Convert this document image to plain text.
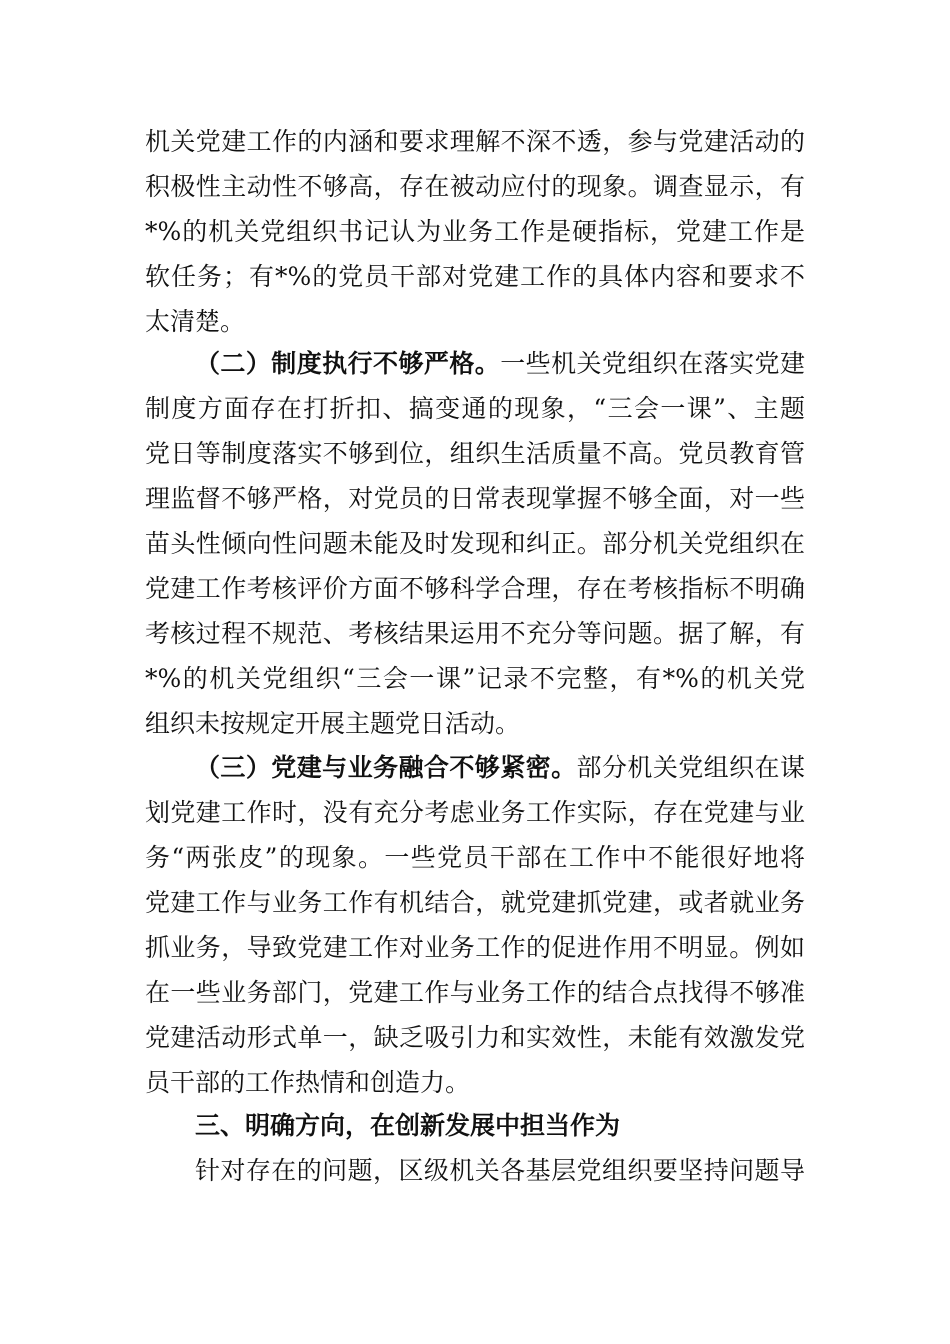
机关党建工作的内涵和要求理解不深不透，参与党建活动的
积极性主动性不够高，存在被动应付的现象。调查显示，有
*%的机关党组织书记认为业务工作是硬指标，党建工作是
软任务；有*%的党员干部对党建工作的具体内容和要求不
太清楚。
（二）制度执行不够严格。一些机关党组织在落实党建
制度方面存在打折扣、搞变通的现象，“三会一课”、主题
党日等制度落实不够到位，组织生活质量不高。党员教育管
理监督不够严格，对党员的日常表现掌握不够全面，对一些
苗头性倾向性问题未能及时发现和纠正。部分机关党组织在
党建工作考核评价方面不够科学合理，存在考核指标不明确
考核过程不规范、考核结果运用不充分等问题。据了解，有
*%的机关党组织“三会一课”记录不完整，有*%的机关党
组织未按规定开展主题党日活动。
（三）党建与业务融合不够紧密。部分机关党组织在谋
划党建工作时，没有充分考虑业务工作实际，存在党建与业
务“两张皮”的现象。一些党员干部在工作中不能很好地将
党建工作与业务工作有机结合，就党建抓党建，或者就业务
抓业务，导致党建工作对业务工作的促进作用不明显。例如
在一些业务部门，党建工作与业务工作的结合点找得不够准
党建活动形式单一，缺乏吸引力和实效性，未能有效激发党
员干部的工作热情和创造力。
三、明确方向，在创新发展中担当作为
针对存在的问题，区级机关各基层党组织要坚持问题导
